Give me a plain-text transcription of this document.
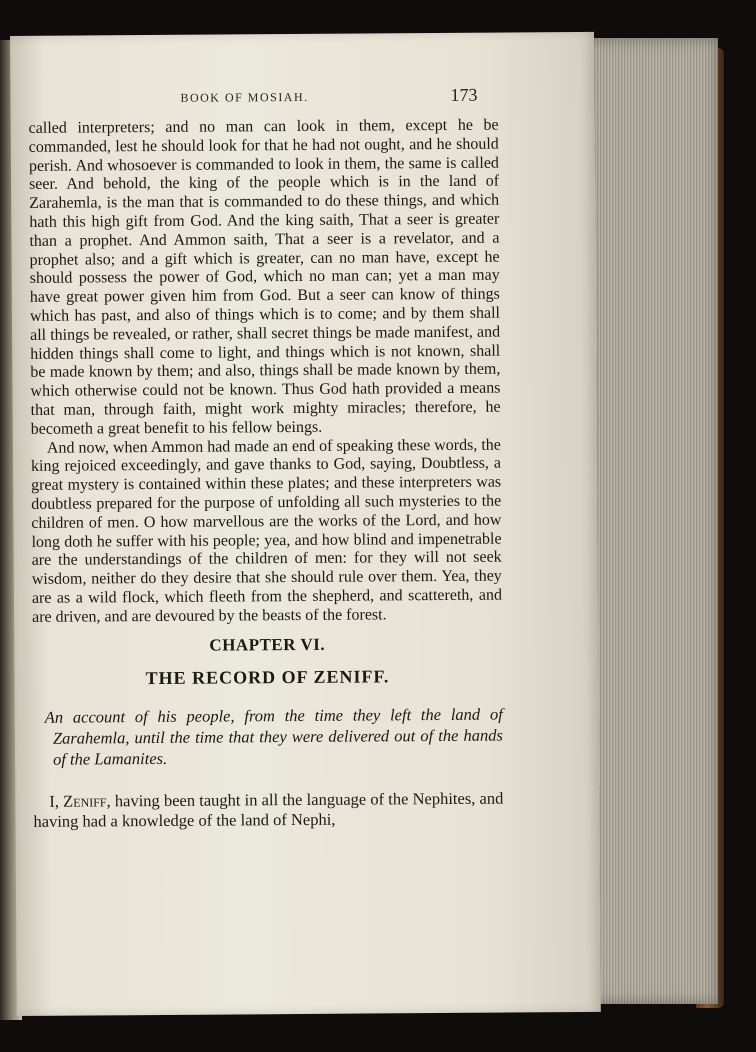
BOOK OF MOSIAH.	173

called interpreters; and no man can look in them, except he be commanded, lest he should look for that he had not ought, and he should perish. And whosoever is commanded to look in them, the same is called seer. And behold, the king of the people which is in the land of Zarahemla, is the man that is commanded to do these things, and which hath this high gift from God. And the king saith, That a seer is greater than a prophet. And Ammon saith, That a seer is a revelator, and a prophet also; and a gift which is greater, can no man have, except he should possess the power of God, which no man can; yet a man may have great power given him from God. But a seer can know of things which has past, and also of things which is to come; and by them shall all things be revealed, or rather, shall secret things be made manifest, and hidden things shall come to light, and things which is not known, shall be made known by them; and also, things shall be made known by them, which otherwise could not be known. Thus God hath provided a means that man, through faith, might work mighty miracles; therefore, he becometh a great benefit to his fellow beings.

And now, when Ammon had made an end of speaking these words, the king rejoiced exceedingly, and gave thanks to God, saying, Doubtless, a great mystery is contained within these plates; and these interpreters was doubtless prepared for the purpose of unfolding all such mysteries to the children of men. O how marvellous are the works of the Lord, and how long doth he suffer with his people; yea, and how blind and impenetrable are the understandings of the children of men: for they will not seek wisdom, neither do they desire that she should rule over them. Yea, they are as a wild flock, which fleeth from the shepherd, and scattereth, and are driven, and are devoured by the beasts of the forest.

CHAPTER VI.
THE RECORD OF ZENIFF.

An account of his people, from the time they left the land of Zarahemla, until the time that they were delivered out of the hands of the Lamanites.

I, Zeniff, having been taught in all the language of the Nephites, and having had a knowledge of the land of Nephi,
